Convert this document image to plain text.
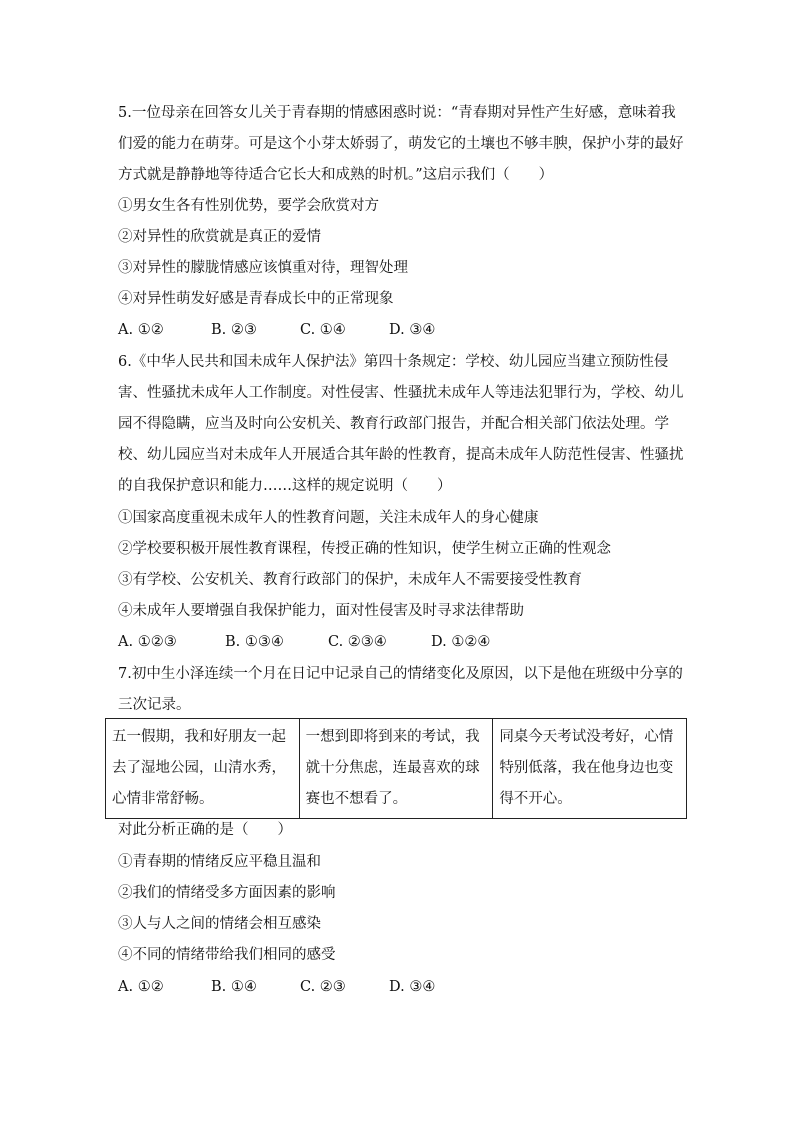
5.一位母亲在回答女儿关于青春期的情感困惑时说：“青春期对异性产生好感，意味着我们爱的能力在萌芽。可是这个小芽太娇弱了，萌发它的土壤也不够丰腴，保护小芽的最好方式就是静静地等待适合它长大和成熟的时机。”这启示我们（　　）
①男女生各有性别优势，要学会欣赏对方
②对异性的欣赏就是真正的爱情
③对异性的朦胧情感应该慎重对待，理智处理
④对异性萌发好感是青春成长中的正常现象
A. ①②	B. ②③	C. ①④	D. ③④
6.《中华人民共和国未成年人保护法》第四十条规定：学校、幼儿园应当建立预防性侵害、性骚扰未成年人工作制度。对性侵害、性骚扰未成年人等违法犯罪行为，学校、幼儿园不得隐瞒，应当及时向公安机关、教育行政部门报告，并配合相关部门依法处理。学校、幼儿园应当对未成年人开展适合其年龄的性教育，提高未成年人防范性侵害、性骚扰的自我保护意识和能力……这样的规定说明（　　）
①国家高度重视未成年人的性教育问题，关注未成年人的身心健康
②学校要积极开展性教育课程，传授正确的性知识，使学生树立正确的性观念
③有学校、公安机关、教育行政部门的保护，未成年人不需要接受性教育
④未成年人要增强自我保护能力，面对性侵害及时寻求法律帮助
A. ①②③	B. ①③④	C. ②③④	D. ①②④
7.初中生小泽连续一个月在日记中记录自己的情绪变化及原因，以下是他在班级中分享的三次记录。
五一假期，我和好朋友一起去了湿地公园，山清水秀，心情非常舒畅。	一想到即将到来的考试，我就十分焦虑，连最喜欢的球赛也不想看了。	同桌今天考试没考好，心情特别低落，我在他身边也变得不开心。
对此分析正确的是（　　）
①青春期的情绪反应平稳且温和
②我们的情绪受多方面因素的影响
③人与人之间的情绪会相互感染
④不同的情绪带给我们相同的感受
A. ①②	B. ①④	C. ②③	D. ③④
